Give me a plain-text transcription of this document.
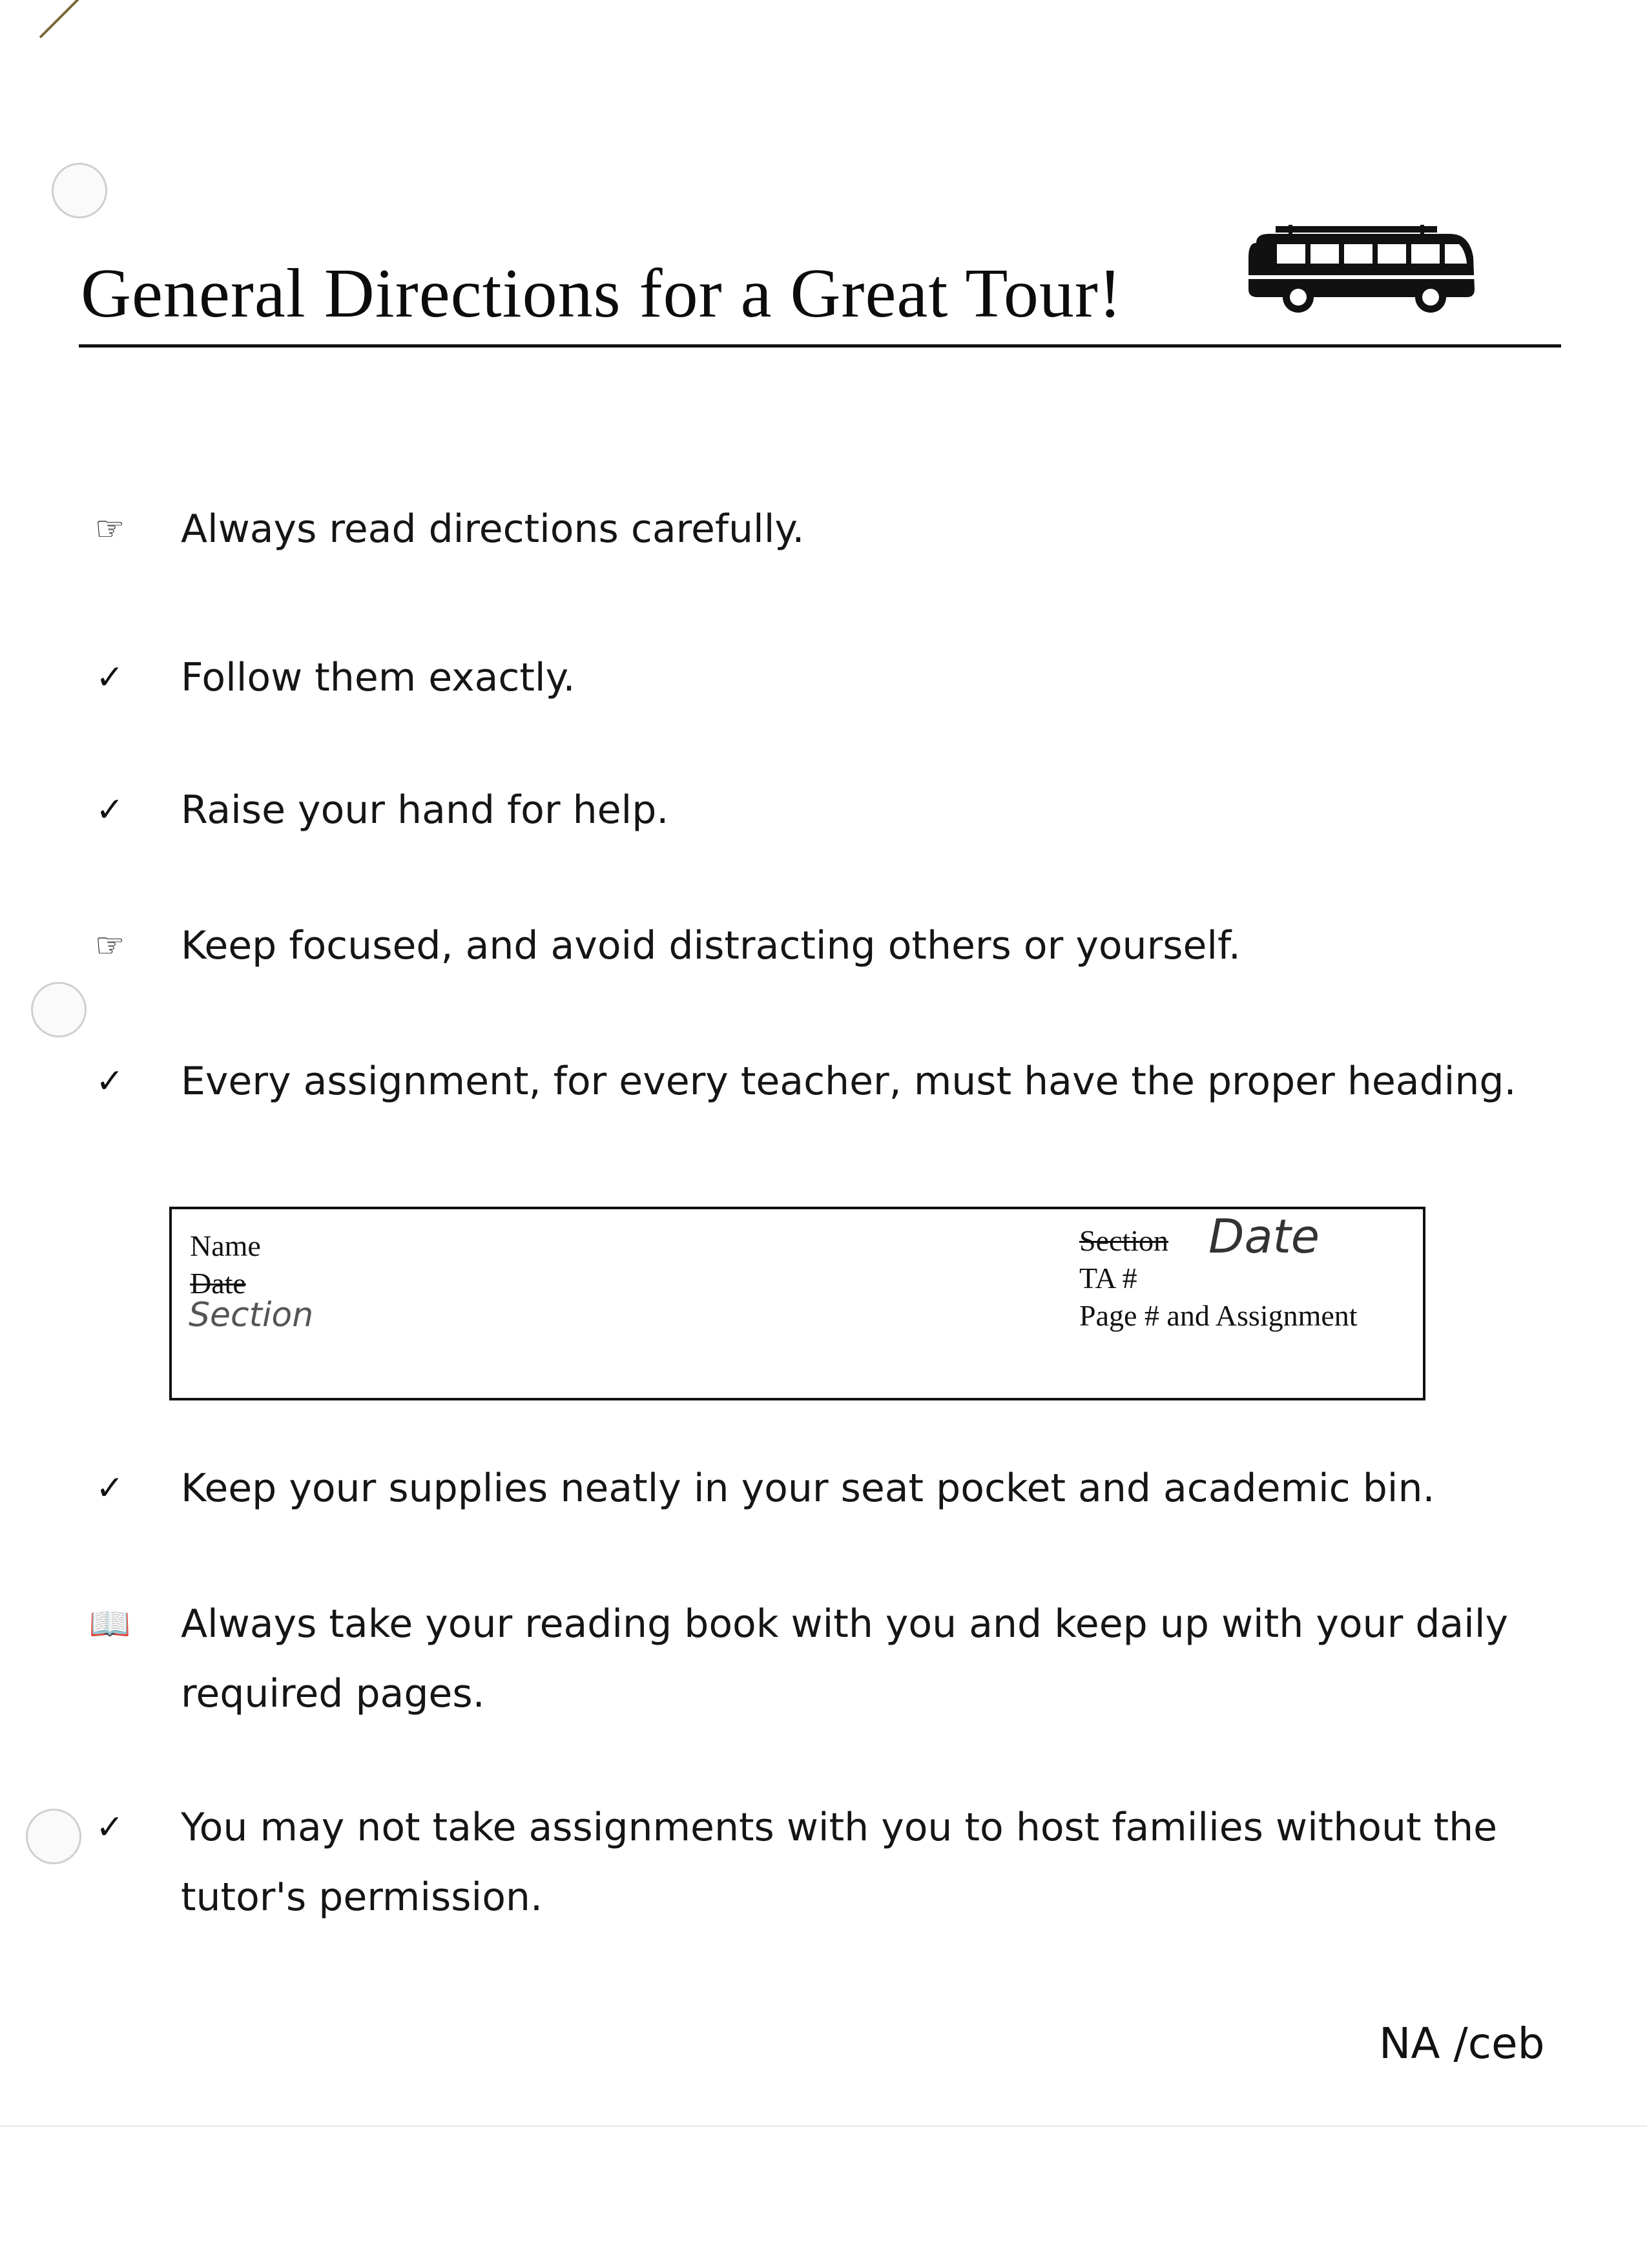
General Directions for a Great Tour!
☞ Always read directions carefully.
✓	Follow them exactly.
✓	Raise your hand for help.
☞ Keep focused, and avoid distracting others or yourself.
✓	Every assignment, for every teacher, must have the proper heading.
Name
Date
Section
Section Date
TA #
Page # and Assignment
✓	Keep your supplies neatly in your seat pocket and academic bin.
📖 Always take your reading book with you and keep up with your daily required pages.
✓	You may not take assignments with you to host families without the tutor's permission.
NA /ceb
